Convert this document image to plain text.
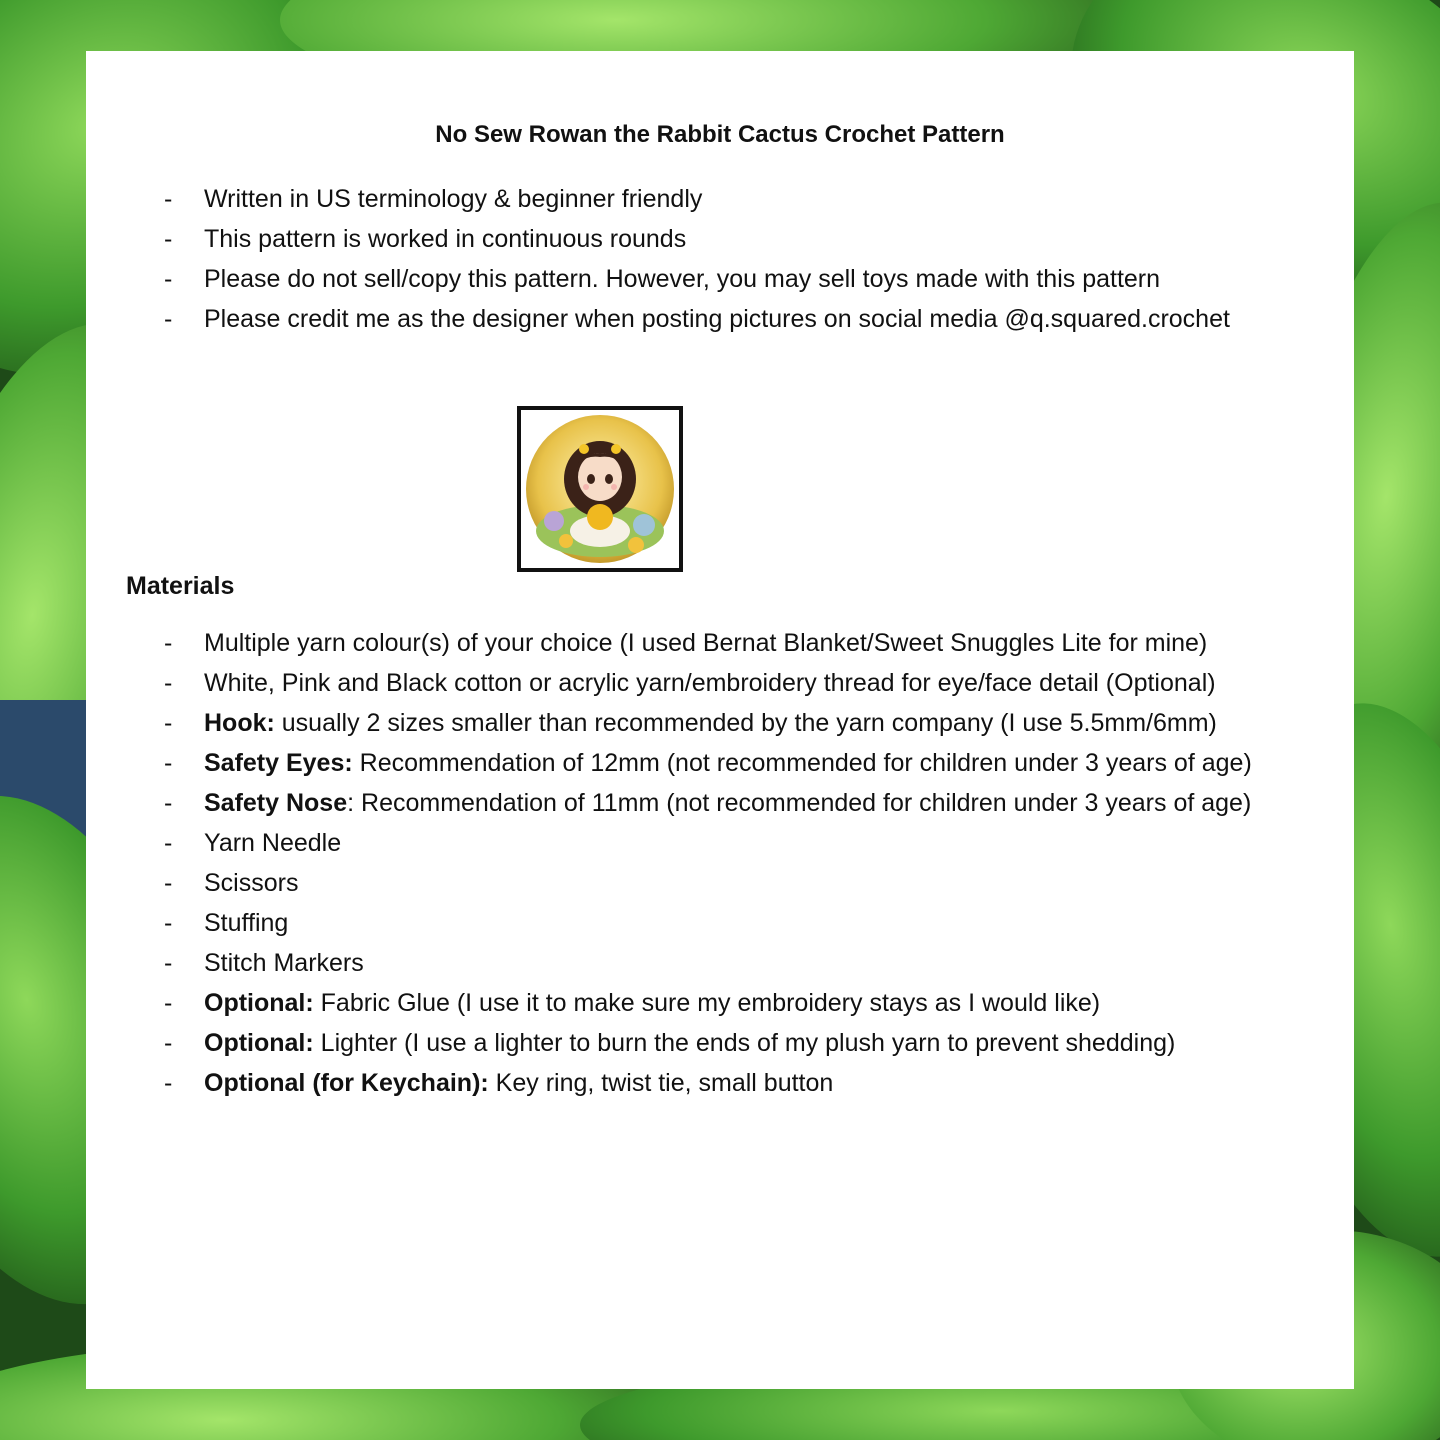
No Sew Rowan the Rabbit Cactus Crochet Pattern
-	Written in US terminology & beginner friendly
-	This pattern is worked in continuous rounds
-	Please do not sell/copy this pattern. However, you may sell toys made with this pattern
-	Please credit me as the designer when posting pictures on social media @q.squared.crochet
Materials
-	Multiple yarn colour(s) of your choice (I used Bernat Blanket/Sweet Snuggles Lite for mine)
-	White, Pink and Black cotton or acrylic yarn/embroidery thread for eye/face detail (Optional)
-	Hook: usually 2 sizes smaller than recommended by the yarn company (I use 5.5mm/6mm)
-	Safety Eyes: Recommendation of 12mm (not recommended for children under 3 years of age)
-	Safety Nose: Recommendation of 11mm (not recommended for children under 3 years of age)
-	Yarn Needle
-	Scissors
-	Stuffing
-	Stitch Markers
-	Optional: Fabric Glue (I use it to make sure my embroidery stays as I would like)
-	Optional: Lighter (I use a lighter to burn the ends of my plush yarn to prevent shedding)
-	Optional (for Keychain): Key ring, twist tie, small button
